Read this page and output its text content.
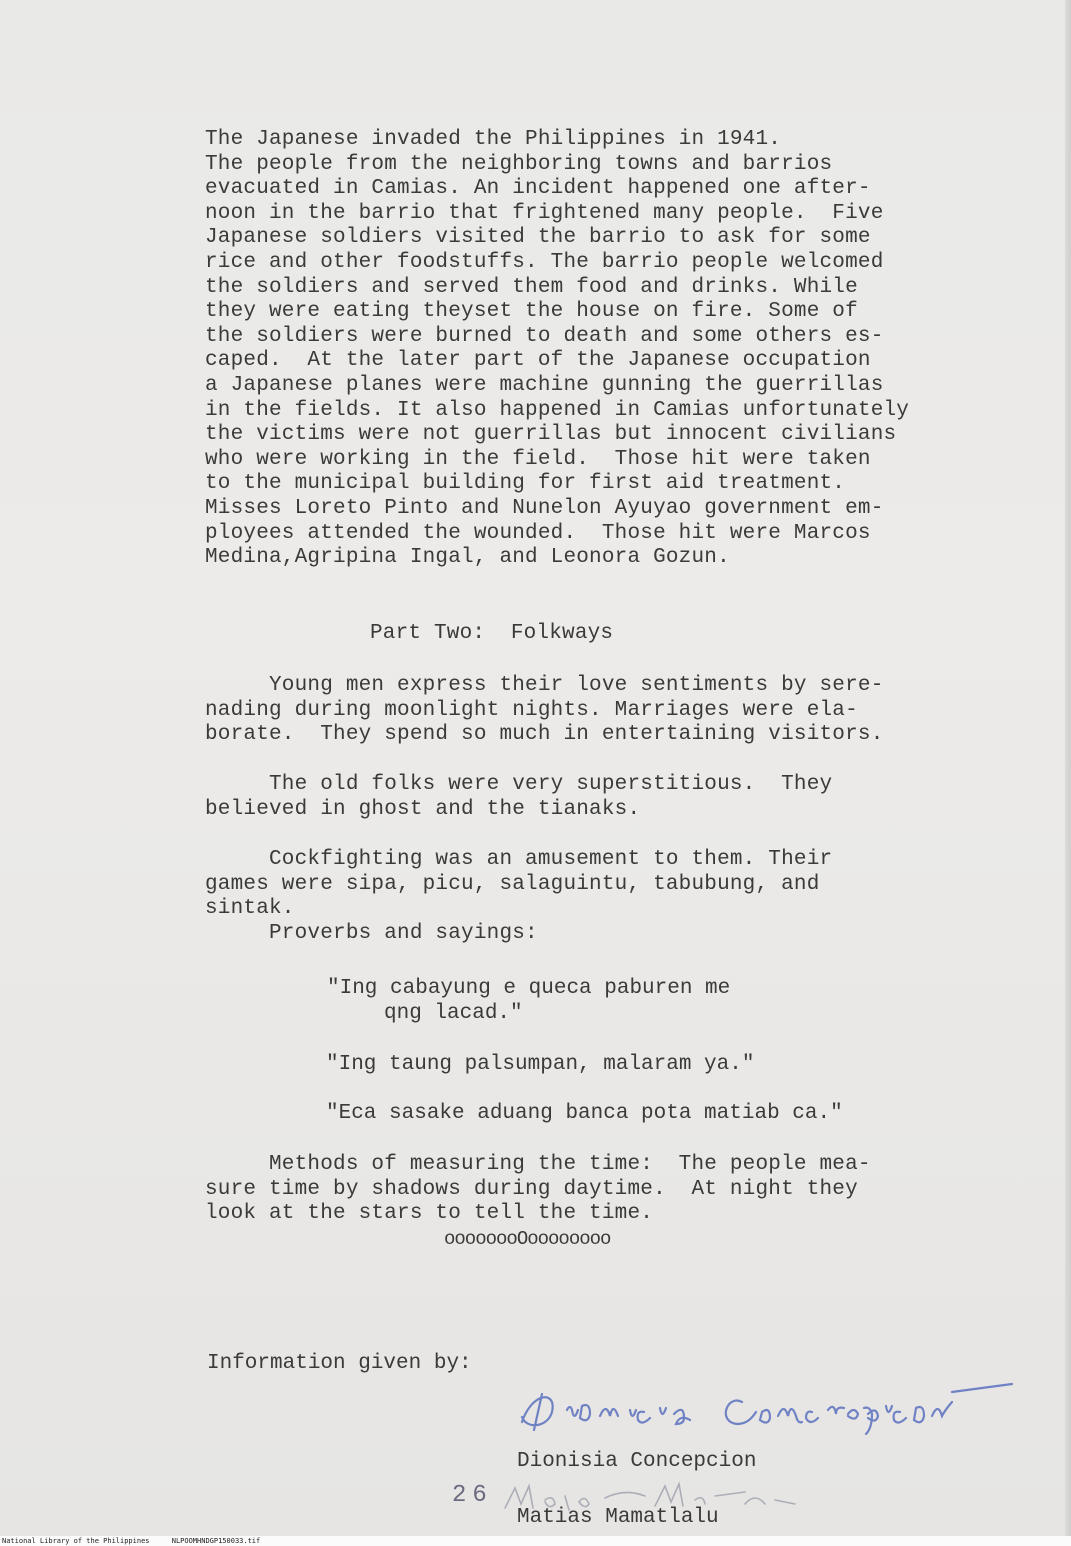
The Japanese invaded the Philippines in 1941.
The people from the neighboring towns and barrios
evacuated in Camias. An incident happened one after-
noon in the barrio that frightened many people.  Five
Japanese soldiers visited the barrio to ask for some
rice and other foodstuffs. The barrio people welcomed
the soldiers and served them food and drinks. While
they were eating theyset the house on fire. Some of
the soldiers were burned to death and some others es-
caped.  At the later part of the Japanese occupation
a Japanese planes were machine gunning the guerrillas
in the fields. It also happened in Camias unfortunately
the victims were not guerrillas but innocent civilians
who were working in the field.  Those hit were taken
to the municipal building for first aid treatment.
Misses Loreto Pinto and Nunelon Ayuyao government em-
ployees attended the wounded.  Those hit were Marcos
Medina,Agripina Ingal, and Leonora Gozun.
Part Two:  Folkways
Young men express their love sentiments by sere-
nading during moonlight nights. Marriages were ela-
borate.  They spend so much in entertaining visitors.
The old folks were very superstitious.  They
believed in ghost and the tianaks.
Cockfighting was an amusement to them. Their
games were sipa, picu, salaguintu, tabubung, and
sintak.
Proverbs and sayings:
"Ing cabayung e queca paburen me
qng lacad."
"Ing taung palsumpan, malaram ya."
"Eca sasake aduang banca pota matiab ca."
Methods of measuring the time:  The people mea-
sure time by shadows during daytime.  At night they
look at the stars to tell the time.
oooooooOoooooooo
Information given by:
Dionisia Concepcion
26
Matias Mamatlalu
National Library of the Philippines	NLPOOMHNDGP150033.tif
